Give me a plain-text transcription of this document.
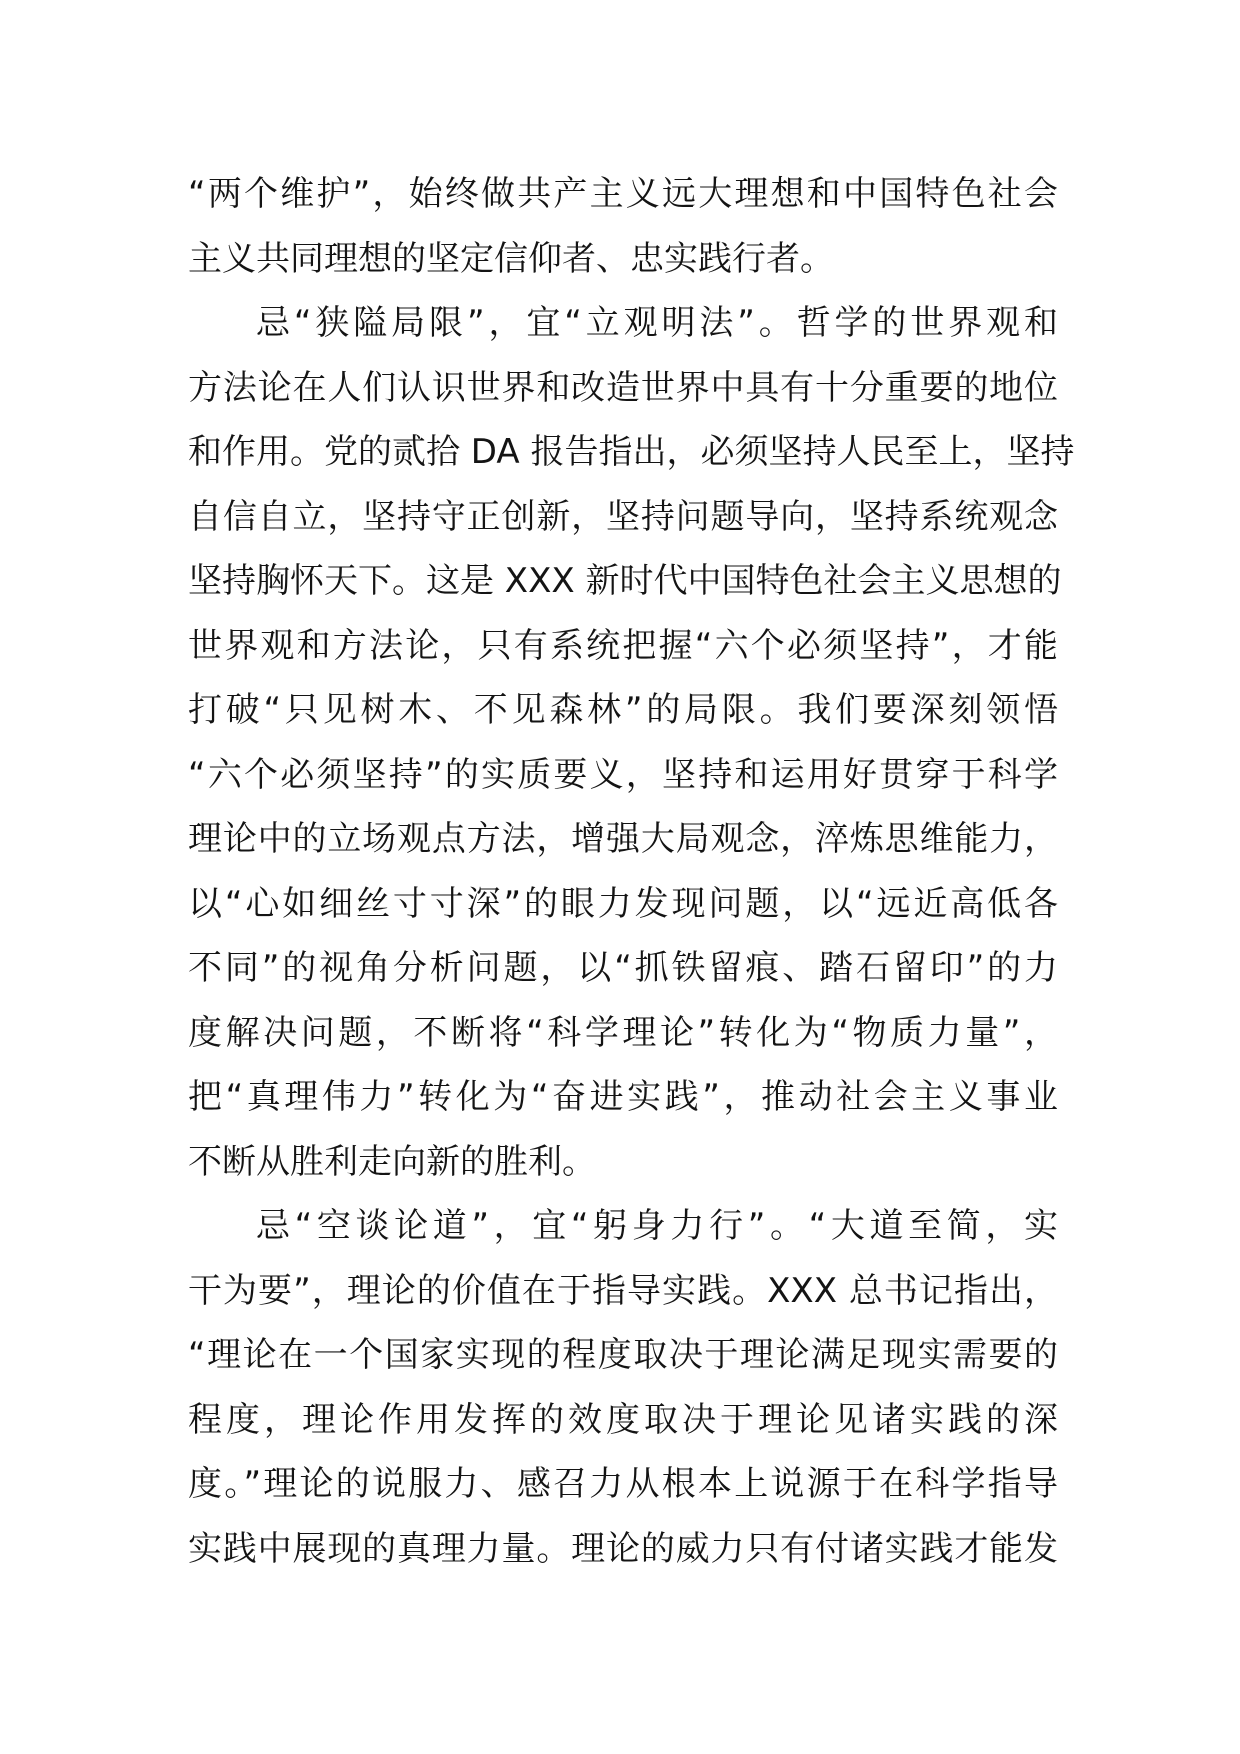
“两个维护”，始终做共产主义远大理想和中国特色社会
主义共同理想的坚定信仰者、忠实践行者。
忌“狭隘局限”，宜“立观明法”。哲学的世界观和
方法论在人们认识世界和改造世界中具有十分重要的地位
和作用。党的贰拾 DA 报告指出，必须坚持人民至上，坚持
自信自立，坚持守正创新，坚持问题导向，坚持系统观念
坚持胸怀天下。这是 XXX 新时代中国特色社会主义思想的
世界观和方法论，只有系统把握“六个必须坚持”，才能
打破“只见树木、不见森林”的局限。我们要深刻领悟
“六个必须坚持”的实质要义，坚持和运用好贯穿于科学
理论中的立场观点方法，增强大局观念，淬炼思维能力，
以“心如细丝寸寸深”的眼力发现问题，以“远近高低各
不同”的视角分析问题，以“抓铁留痕、踏石留印”的力
度解决问题，不断将“科学理论”转化为“物质力量”，
把“真理伟力”转化为“奋进实践”，推动社会主义事业
不断从胜利走向新的胜利。
忌“空谈论道”，宜“躬身力行”。“大道至简，实
干为要”，理论的价值在于指导实践。XXX 总书记指出，
“理论在一个国家实现的程度取决于理论满足现实需要的
程度，理论作用发挥的效度取决于理论见诸实践的深
度。”理论的说服力、感召力从根本上说源于在科学指导
实践中展现的真理力量。理论的威力只有付诸实践才能发
